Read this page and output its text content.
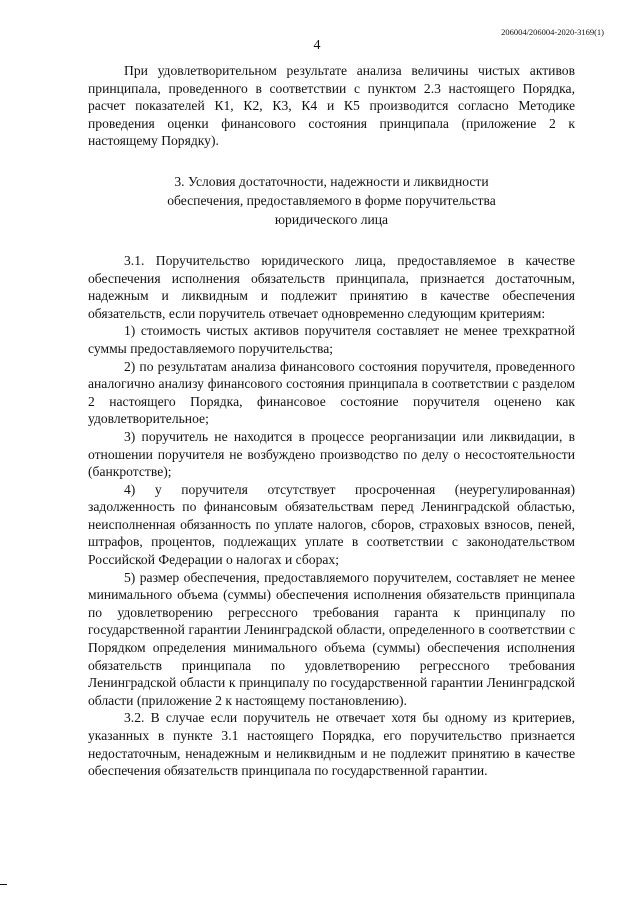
206004/206004-2020-3169(1)
4

При удовлетворительном результате анализа величины чистых активов принципала, проведенного в соответствии с пунктом 2.3 настоящего Порядка, расчет показателей К1, К2, К3, К4 и К5 производится согласно Методике проведения оценки финансового состояния принципала (приложение 2 к настоящему Порядку).

3. Условия достаточности, надежности и ликвидности обеспечения, предоставляемого в форме поручительства юридического лица

3.1. Поручительство юридического лица, предоставляемое в качестве обеспечения исполнения обязательств принципала, признается достаточным, надежным и ликвидным и подлежит принятию в качестве обеспечения обязательств, если поручитель отвечает одновременно следующим критериям:

1) стоимость чистых активов поручителя составляет не менее трехкратной суммы предоставляемого поручительства;

2) по результатам анализа финансового состояния поручителя, проведенного аналогично анализу финансового состояния принципала в соответствии с разделом 2 настоящего Порядка, финансовое состояние поручителя оценено как удовлетворительное;

3) поручитель не находится в процессе реорганизации или ликвидации, в отношении поручителя не возбуждено производство по делу о несостоятельности (банкротстве);

4) у поручителя отсутствует просроченная (неурегулированная) задолженность по финансовым обязательствам перед Ленинградской областью, неисполненная обязанность по уплате налогов, сборов, страховых взносов, пеней, штрафов, процентов, подлежащих уплате в соответствии с законодательством Российской Федерации о налогах и сборах;

5) размер обеспечения, предоставляемого поручителем, составляет не менее минимального объема (суммы) обеспечения исполнения обязательств принципала по удовлетворению регрессного требования гаранта к принципалу по государственной гарантии Ленинградской области, определенного в соответствии с Порядком определения минимального объема (суммы) обеспечения исполнения обязательств принципала по удовлетворению регрессного требования Ленинградской области к принципалу по государственной гарантии Ленинградской области (приложение 2 к настоящему постановлению).

3.2. В случае если поручитель не отвечает хотя бы одному из критериев, указанных в пункте 3.1 настоящего Порядка, его поручительство признается недостаточным, ненадежным и неликвидным и не подлежит принятию в качестве обеспечения обязательств принципала по государственной гарантии.
